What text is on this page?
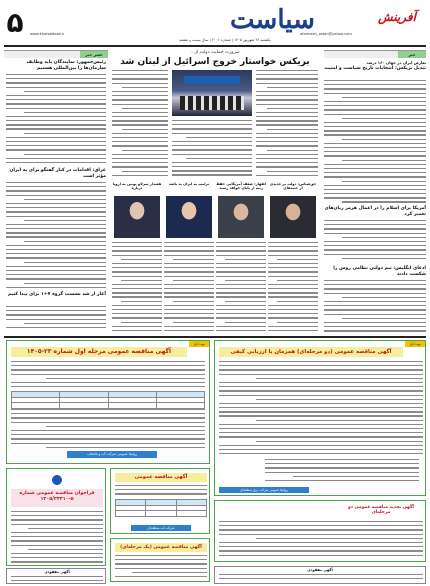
۵	www.khatooltabli.ir	سیاست	آفرینش
afarinesh_ostan@yahoo.com
یکشنبه ۲۶ شهریور ۱۴۰۵ | شماره ۲۰۰۶ | سال بیست و هشتم
عصر خبر	خبر
ضرورت حمایت دولت از…
بریکس خواستار خروج اسرائیل از لبنان شد
رئیس‌جمهور: نمایندگان باید وظایف سازمان‌ها را بین‌المللی هستیم
عراق: اقدامات در کنار گفتگو برای به ایران مؤثر است
آغاز از شد نشست گروه ۷+۱ برای پیدا کنیم
هشدار سرلاو پوتین به اروپا درباره
ترامپ به ایران بد باشد	اظهار: ضعف آمریکایی حفظ رتبه از پایان خواهد رسید
حق‌شناس: دولت بر جدیدی از جنبه‌های
تعارض ایران در جهان ۱۶۰ درصد
تبدیل بریکس: انتخابات تاریخ سیاست و امنیت
آمریکا برای اسلام را در اعمال هرمز زیان‌های تعمیر کرد
ادعای انگلیس: تیم دولتی نظامی روس را شکست دادند
نوبت اول
آگهی مناقصه عمومی مرحله اول شماره ۲۳-۱۴۰۵

روابط عمومی شرکت آب و فاضلاب
نوبت اول
آگهی مناقصه عمومی (دو مرحله‌ای) همزمان با ارزیابی کیفی
روابط عمومی شرکت برق منطقه‌ای
فراخوان مناقصه عمومی شماره ۵-۱۴۰۵/۲۳۴۱۰
آگهی مناقصه عمومی

شرکت آب منطقه‌ای
آگهی مناقصه عمومی (یک مرحله‌ای)
آگهی تجدید مناقصه عمومی دو مرحله‌ای
آگهی مفقودی	آگهی مفقودی
